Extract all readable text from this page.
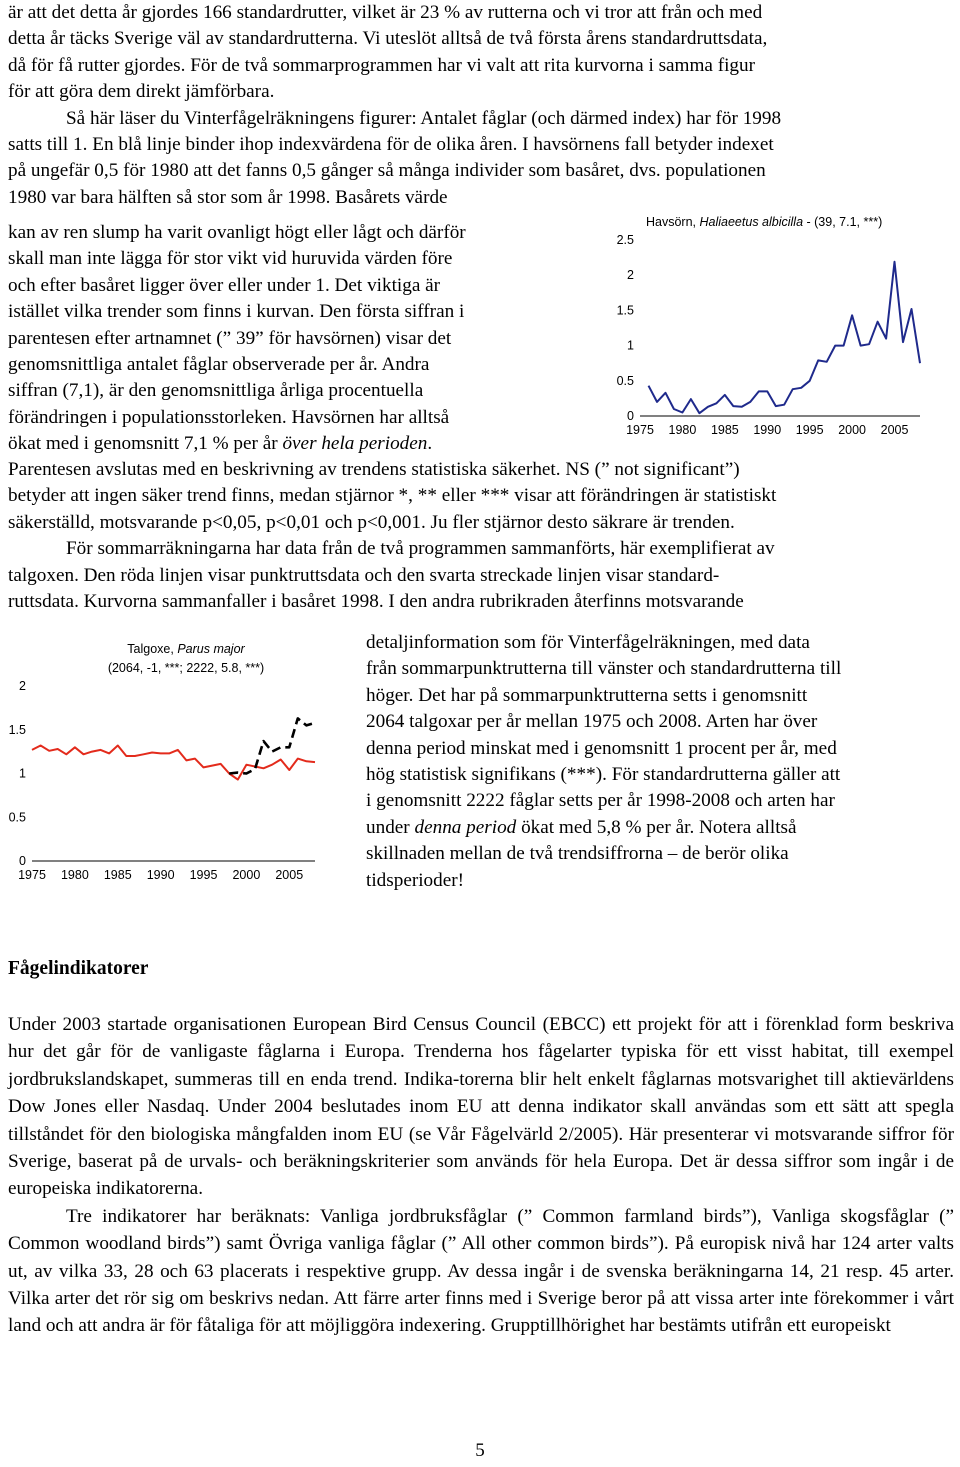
är att det detta år gjordes 166 standardrutter, vilket är 23 % av rutterna och vi tror att från och med

detta år täcks Sverige väl av standardrutterna. Vi uteslöt alltså de två första årens standardruttsdata,

då för få rutter gjordes. För de två sommarprogrammen har vi valt att rita kurvorna i samma figur

för att göra dem direkt jämförbara.

Så här läser du Vinterfågelräkningens figurer: Antalet fåglar (och därmed index) har för 1998

satts till 1. En blå linje binder ihop indexvärdena för de olika åren. I havsörnens fall betyder indexet

på ungefär 0,5 för 1980 att det fanns 0,5 gånger så många individer som basåret, dvs. populationen

1980 var bara hälften så stor som år 1998. Basårets värde

kan av ren slump ha varit ovanligt högt eller lågt och därför

skall man inte lägga för stor vikt vid huruvida värden före

och efter basåret ligger över eller under 1. Det viktiga är

istället vilka trender som finns i kurvan. Den första siffran i

parentesen efter artnamnet (” 39” för havsörnen) visar det

genomsnittliga antalet fåglar observerade per år. Andra

siffran (7,1), är den genomsnittliga årliga procentuella

förändringen i populationsstorleken. Havsörnen har alltså

ökat med i genomsnitt 7,1 % per år över hela perioden.

Havsörn, Haliaeetus albicilla - (39, 7.1, ***)
0
0.5
1
1.5
2
2.5
1975 1980 1985 1990 1995 2000 2005

Parentesen avslutas med en beskrivning av trendens statistiska säkerhet. NS (” not significant”)

betyder att ingen säker trend finns, medan stjärnor *, ** eller *** visar att förändringen är statistiskt

säkerställd, motsvarande p<0,05, p<0,01 och p<0,001. Ju fler stjärnor desto säkrare är trenden.

För sommarräkningarna har data från de två programmen sammanförts, här exemplifierat av

talgoxen. Den röda linjen visar punktruttsdata och den svarta streckade linjen visar standard-

ruttsdata. Kurvorna sammanfaller i basåret 1998. I den andra rubrikraden återfinns motsvarande

Talgoxe, Parus major
(2064, -1, ***; 2222, 5.8, ***)
0
0.5
1
1.5
2
1975 1980 1985 1990 1995 2000 2005

detaljinformation som för Vinterfågelräkningen, med data

från sommarpunktrutterna till vänster och standardrutterna till

höger. Det har på sommarpunktrutterna setts i genomsnitt

2064 talgoxar per år mellan 1975 och 2008. Arten har över

denna period minskat med i genomsnitt 1 procent per år, med

hög statistisk signifikans (***). För standardrutterna gäller att

i genomsnitt 2222 fåglar setts per år 1998-2008 och arten har

under denna period ökat med 5,8 % per år. Notera alltså

skillnaden mellan de två trendsiffrorna – de berör olika

tidsperioder!

Fågelindikatorer

Under 2003 startade organisationen European Bird Census Council (EBCC) ett projekt för att i förenklad form beskriva hur det går för de vanligaste fåglarna i Europa. Trenderna hos fågelarter typiska för ett visst habitat, till exempel jordbrukslandskapet, summeras till en enda trend. Indika-torerna blir helt enkelt fåglarnas motsvarighet till aktievärldens Dow Jones eller Nasdaq. Under 2004 beslutades inom EU att denna indikator skall användas som ett sätt att spegla tillståndet för den biologiska mångfalden inom EU (se Vår Fågelvärld 2/2005). Här presenterar vi motsvarande siffror för Sverige, baserat på de urvals- och beräkningskriterier som används för hela Europa. Det är dessa siffror som ingår i de europeiska indikatorerna.

Tre indikatorer har beräknats: Vanliga jordbruksfåglar (” Common farmland birds”), Vanliga skogsfåglar (” Common woodland birds”) samt Övriga vanliga fåglar (” All other common birds”). På europisk nivå har 124 arter valts ut, av vilka 33, 28 och 63 placerats i respektive grupp. Av dessa ingår i de svenska beräkningarna 14, 21 resp. 45 arter. Vilka arter det rör sig om beskrivs nedan. Att färre arter finns med i Sverige beror på att vissa arter inte förekommer i vårt land och att andra är för fåtaliga för att möjliggöra indexering. Grupptillhörighet har bestämts utifrån ett europeiskt

5
